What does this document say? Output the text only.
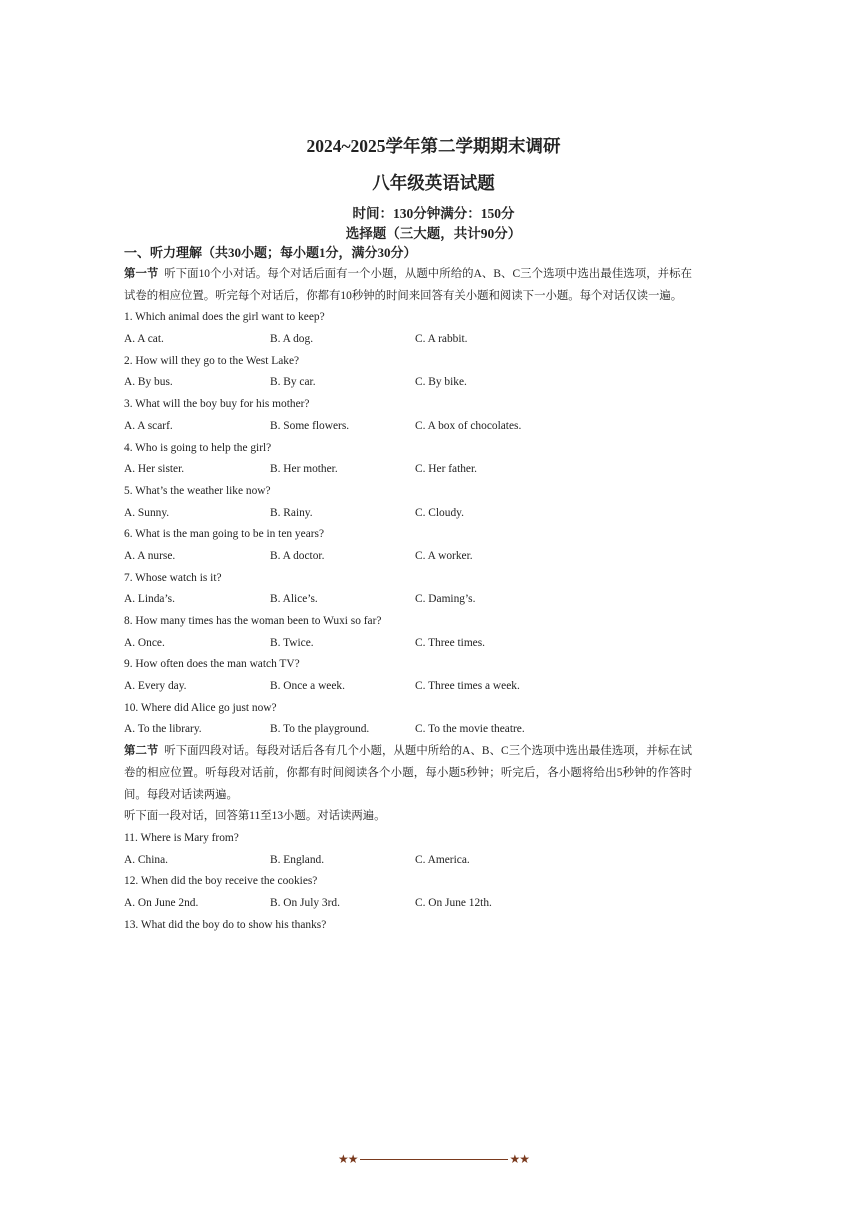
2024~2025学年第二学期期末调研
八年级英语试题
时间：130分钟满分：150分
选择题（三大题，共计90分）
一、听力理解（共30小题；每小题1分，满分30分）
第一节 听下面10个小对话。每个对话后面有一个小题，从题中所给的A、B、C三个选项中选出最佳选项，并标在试卷的相应位置。听完每个对话后，你都有10秒钟的时间来回答有关小题和阅读下一小题。每个对话仅读一遍。
1. Which animal does the girl want to keep?
A. A cat.	B. A dog.	C. A rabbit.
2. How will they go to the West Lake?
A. By bus.	B. By car.	C. By bike.
3. What will the boy buy for his mother?
A. A scarf.	B. Some flowers.	C. A box of chocolates.
4. Who is going to help the girl?
A. Her sister.	B. Her mother.	C. Her father.
5. What’s the weather like now?
A. Sunny.	B. Rainy.	C. Cloudy.
6. What is the man going to be in ten years?
A. A nurse.	B. A doctor.	C. A worker.
7. Whose watch is it?
A. Linda’s.	B. Alice’s.	C. Daming’s.
8. How many times has the woman been to Wuxi so far?
A. Once.	B. Twice.	C. Three times.
9. How often does the man watch TV?
A. Every day.	B. Once a week.	C. Three times a week.
10. Where did Alice go just now?
A. To the library.	B. To the playground.	C. To the movie theatre.
第二节 听下面四段对话。每段对话后各有几个小题，从题中所给的A、B、C三个选项中选出最佳选项，并标在试卷的相应位置。听每段对话前，你都有时间阅读各个小题，每小题5秒钟；听完后，各小题将给出5秒钟的作答时间。每段对话读两遍。
听下面一段对话，回答第11至13小题。对话读两遍。
11. Where is Mary from?
A. China.	B. England.	C. America.
12. When did the boy receive the cookies?
A. On June 2nd.	B. On July 3rd.	C. On June 12th.
13. What did the boy do to show his thanks?
★★	★★
